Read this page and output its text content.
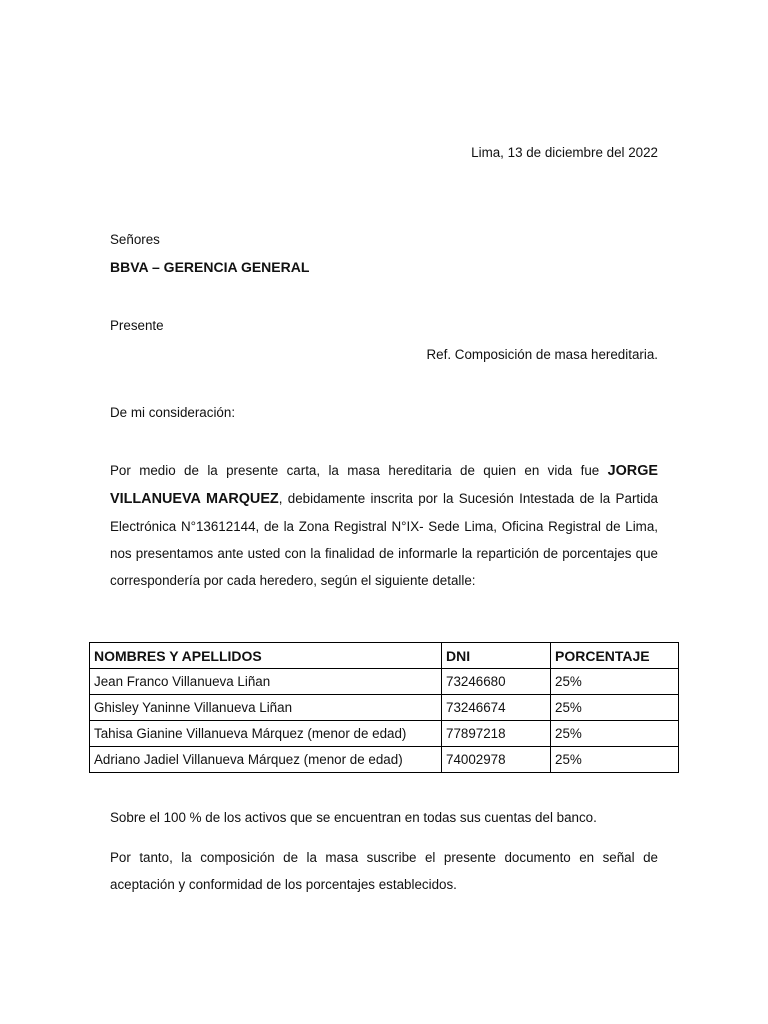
Lima, 13 de diciembre del 2022
Señores
BBVA – GERENCIA GENERAL
Presente
Ref. Composición de masa hereditaria.
De mi consideración:
Por medio de la presente carta, la masa hereditaria de quien en vida fue JORGE VILLANUEVA MARQUEZ, debidamente inscrita por la Sucesión Intestada de la Partida Electrónica N°13612144, de la Zona Registral N°IX- Sede Lima, Oficina Registral de Lima, nos presentamos ante usted con la finalidad de informarle la repartición de porcentajes que correspondería por cada heredero, según el siguiente detalle:
NOMBRES Y APELLIDOS	DNI	PORCENTAJE
Jean Franco Villanueva Liñan	73246680	25%
Ghisley Yaninne Villanueva Liñan	73246674	25%
Tahisa Gianine Villanueva Márquez (menor de edad)	77897218	25%
Adriano Jadiel Villanueva Márquez (menor de edad)	74002978	25%
Sobre el 100 % de los activos que se encuentran en todas sus cuentas del banco.
Por tanto, la composición de la masa suscribe el presente documento en señal de aceptación y conformidad de los porcentajes establecidos.
